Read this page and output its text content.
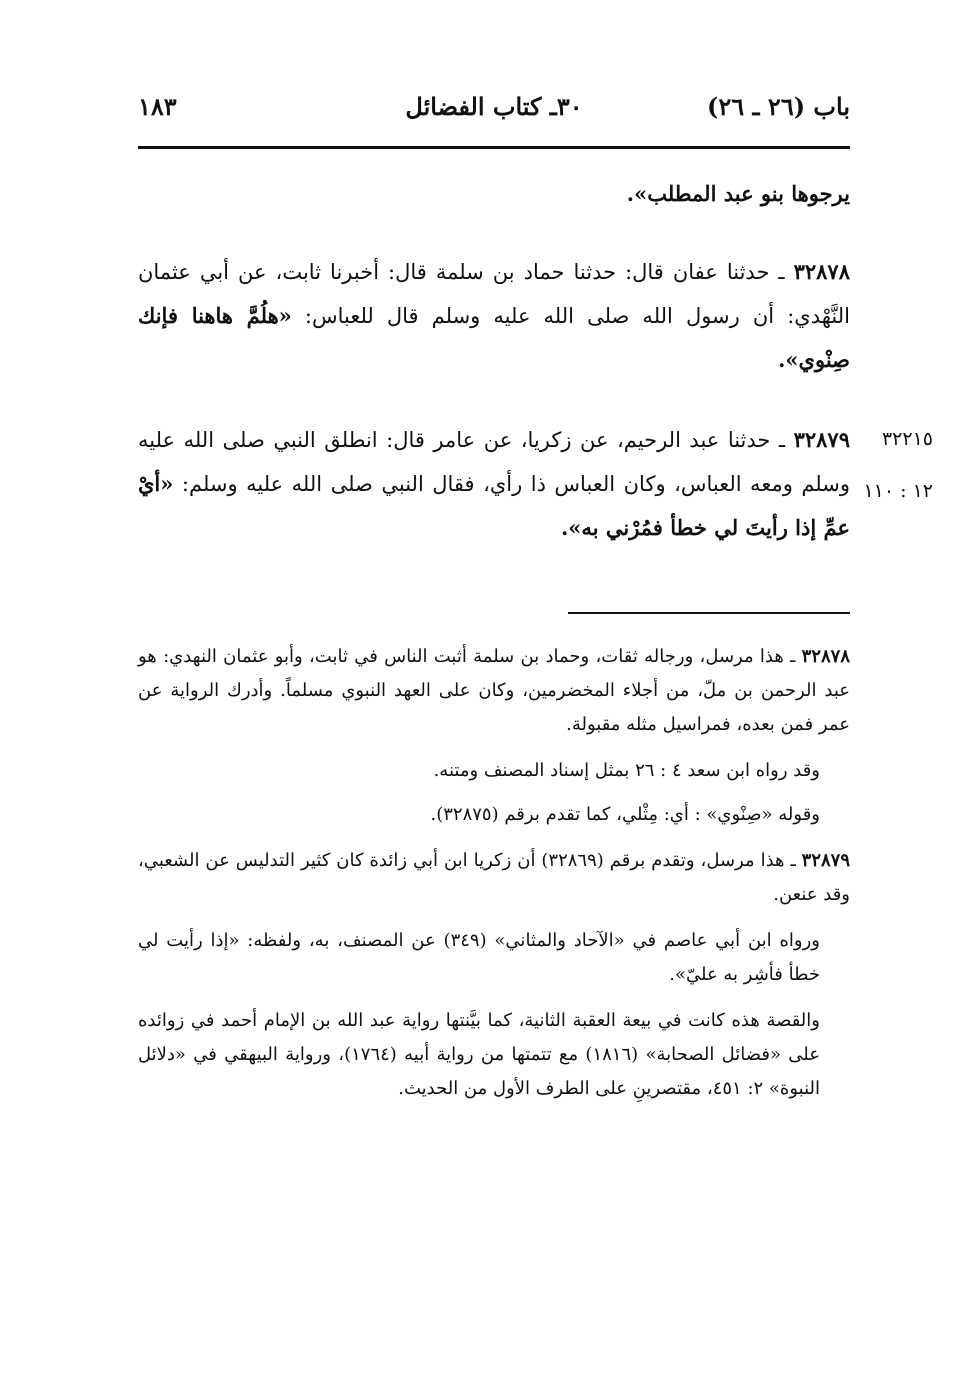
باب (٢٦ ـ ٢٦)
٣٠ـ كتاب الفضائل
١٨٣

يرجوها بنو عبد المطلب».

٣٢٨٧٨ ـ حدثنا عفان قال: حدثنا حماد بن سلمة قال: أخبرنا ثابت، عن أبي عثمان النَّهْدي: أن رسول الله صلى الله عليه وسلم قال للعباس: «هلُمَّ هاهنا فإنك صِنْوي».

٣٢٢١٥
١٢ : ١١٠

٣٢٨٧٩ ـ حدثنا عبد الرحيم، عن زكريا، عن عامر قال: انطلق النبي صلى الله عليه وسلم ومعه العباس، وكان العباس ذا رأي، فقال النبي صلى الله عليه وسلم: «أيْ عمِّ إذا رأيتَ لي خطأ فمُرْني به».

٣٢٨٧٨ ـ هذا مرسل، ورجاله ثقات، وحماد بن سلمة أثبت الناس في ثابت، وأبو عثمان النهدي: هو عبد الرحمن بن ملّ، من أجلاء المخضرمين، وكان على العهد النبوي مسلماً. وأدرك الرواية عن عمر فمن بعده، فمراسيل مثله مقبولة.

وقد رواه ابن سعد ٤ : ٢٦ بمثل إسناد المصنف ومتنه.

وقوله «صِنْوي» : أي: مِثْلي، كما تقدم برقم (٣٢٨٧٥).

٣٢٨٧٩ ـ هذا مرسل، وتقدم برقم (٣٢٨٦٩) أن زكريا ابن أبي زائدة كان كثير التدليس عن الشعبي، وقد عنعن.

ورواه ابن أبي عاصم في «الآحاد والمثاني» (٣٤٩) عن المصنف، به، ولفظه: «إذا رأيت لي خطأ فأشِر به عليّ».

والقصة هذه كانت في بيعة العقبة الثانية، كما بيَّنتها رواية عبد الله بن الإمام أحمد في زوائده على «فضائل الصحابة» (١٨١٦) مع تتمتها من رواية أبيه (١٧٦٤)، ورواية البيهقي في «دلائل النبوة» ٢: ٤٥١، مقتصرينِ على الطرف الأول من الحديث.
